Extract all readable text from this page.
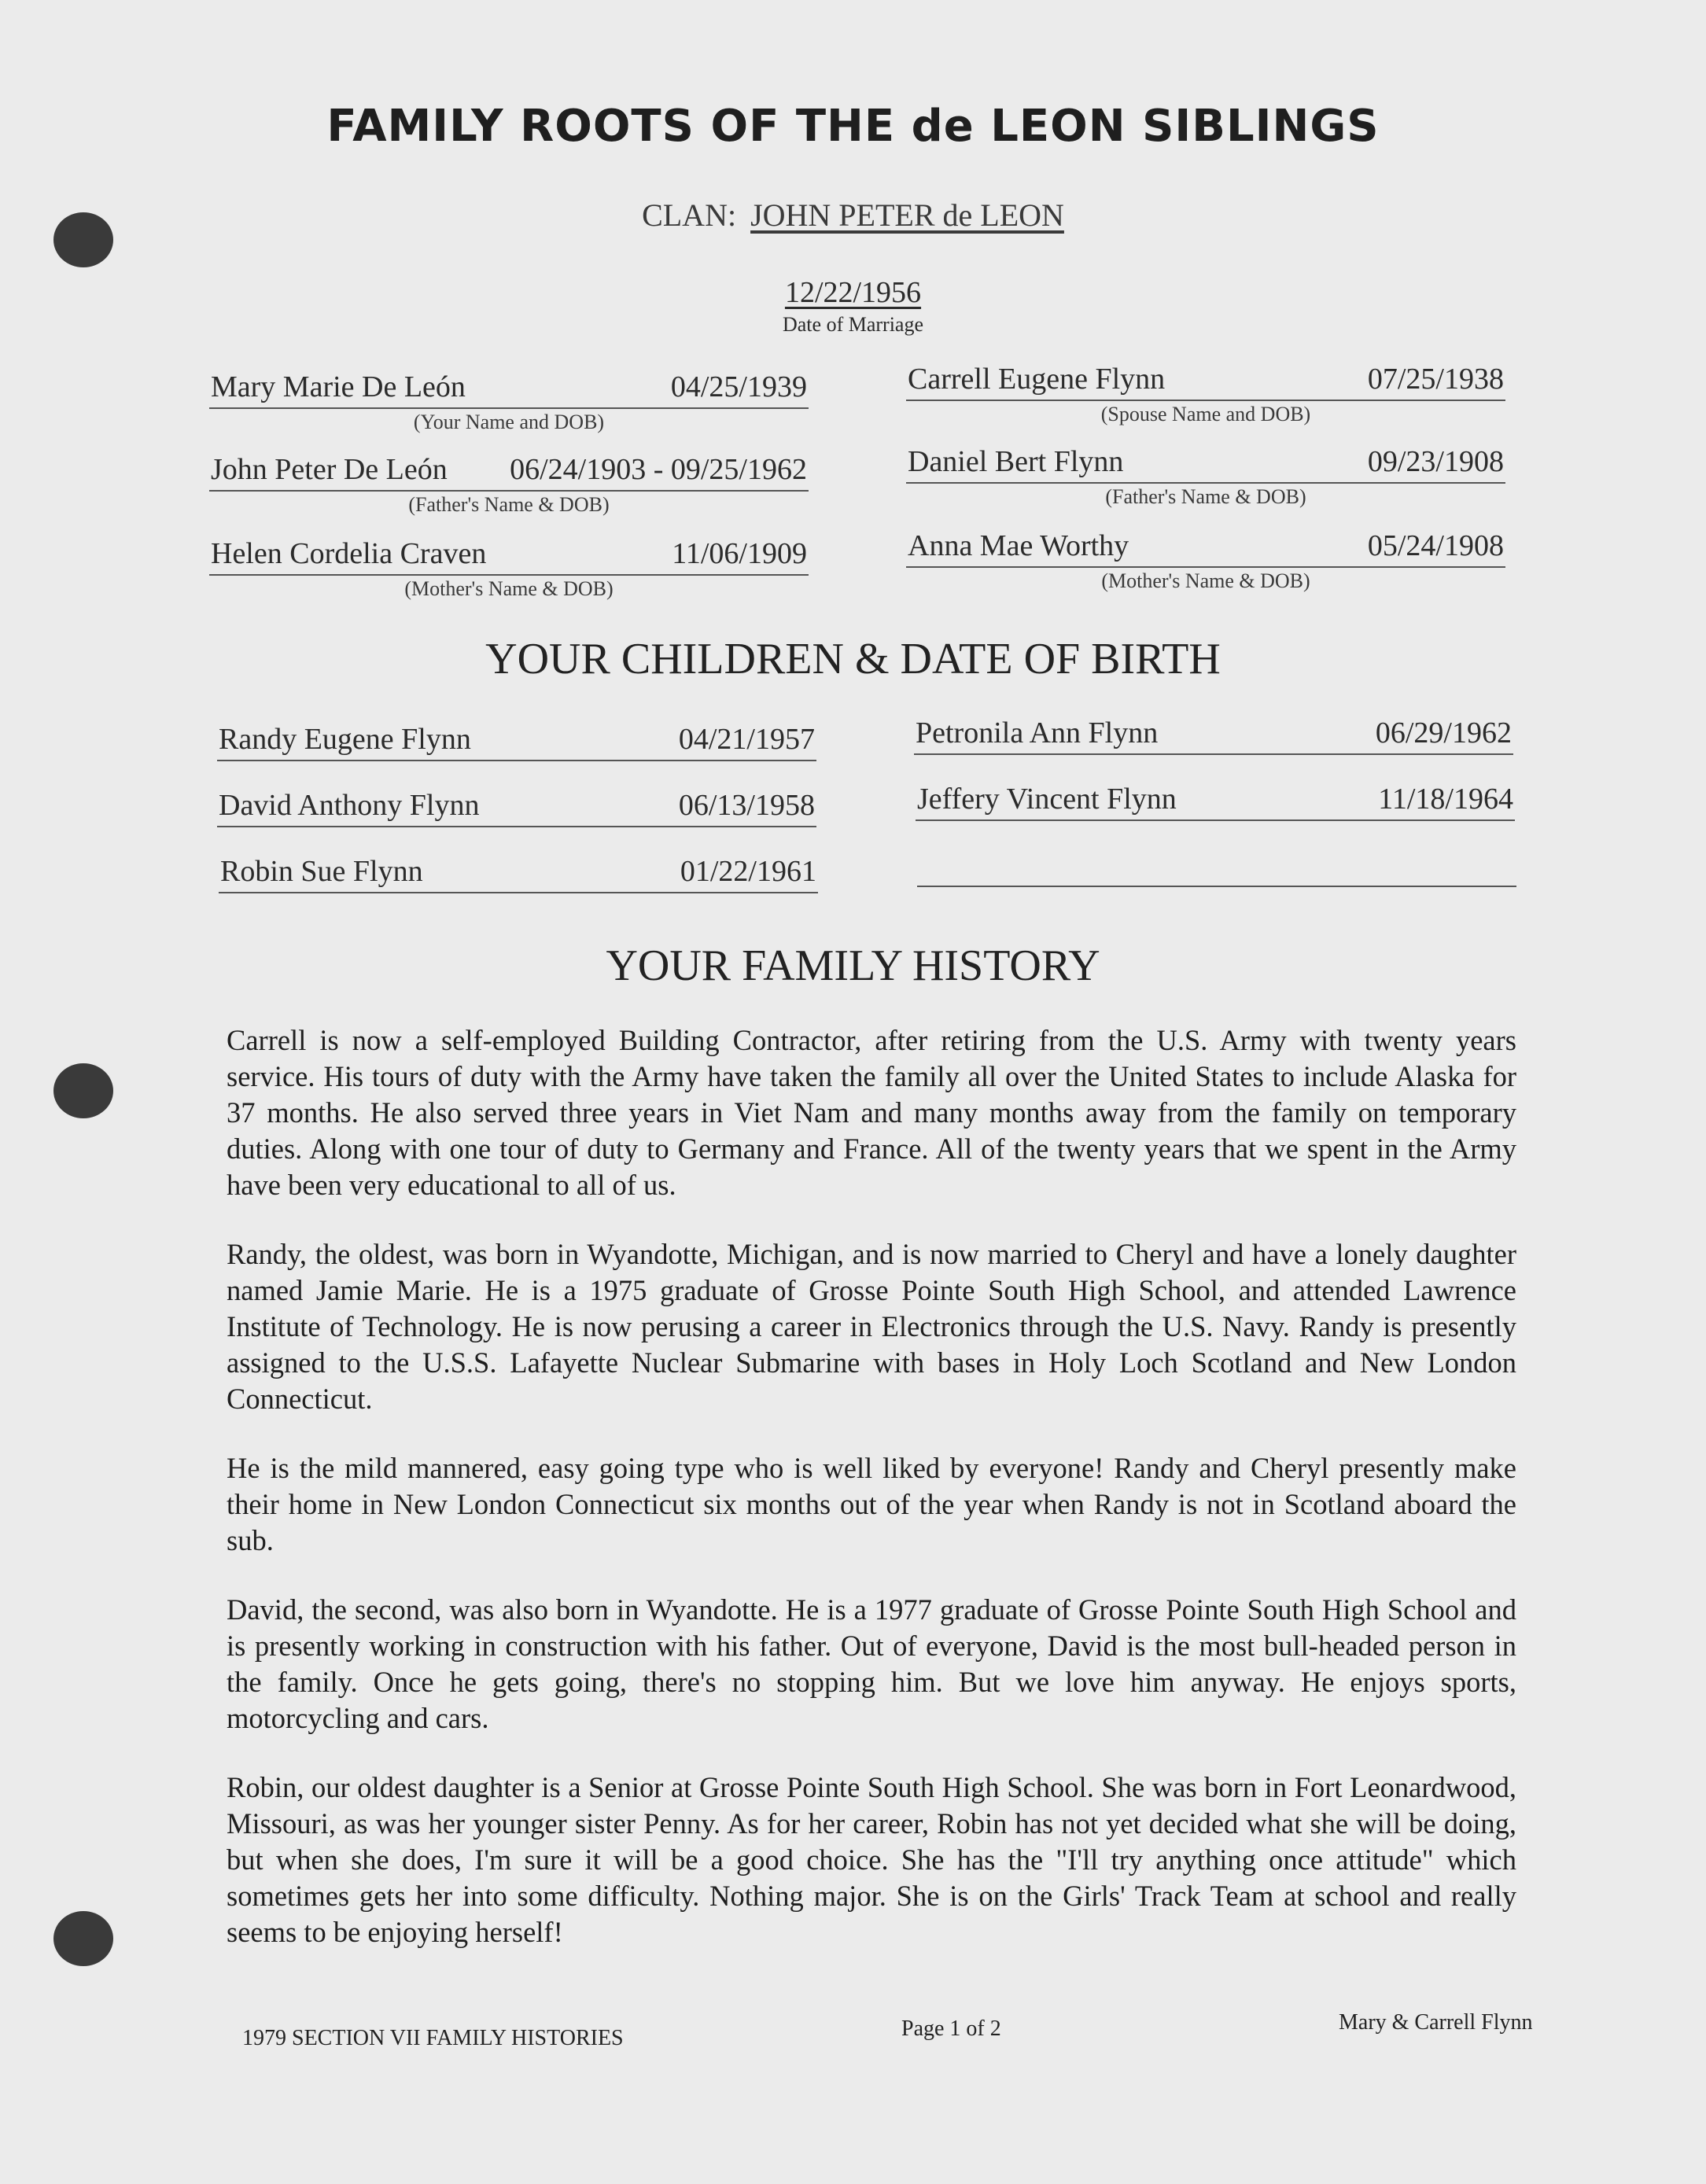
FAMILY ROOTS OF THE de LEON SIBLINGS
CLAN: JOHN PETER de LEON
12/22/1956
Date of Marriage
Mary Marie De León	04/25/1939
(Your Name and DOB)
John Peter De León 06/24/1903 - 09/25/1962
(Father's Name & DOB)
Helen Cordelia Craven	11/06/1909
(Mother's Name & DOB)
Carrell Eugene Flynn	07/25/1938
(Spouse Name and DOB)
Daniel Bert Flynn	09/23/1908
(Father's Name & DOB)
Anna Mae Worthy	05/24/1908
(Mother's Name & DOB)
YOUR CHILDREN & DATE OF BIRTH
Randy Eugene Flynn	04/21/1957
David Anthony Flynn	06/13/1958
Robin Sue Flynn	01/22/1961
Petronila Ann Flynn	06/29/1962
Jeffery Vincent Flynn	11/18/1964
YOUR FAMILY HISTORY

Carrell is now a self-employed Building Contractor, after retiring from the U.S. Army with twenty years service. His tours of duty with the Army have taken the family all over the United States to include Alaska for 37 months. He also served three years in Viet Nam and many months away from the family on temporary duties. Along with one tour of duty to Germany and France. All of the twenty years that we spent in the Army have been very educational to all of us.

Randy, the oldest, was born in Wyandotte, Michigan, and is now married to Cheryl and have a lonely daughter named Jamie Marie. He is a 1975 graduate of Grosse Pointe South High School, and attended Lawrence Institute of Technology. He is now perusing a career in Electronics through the U.S. Navy. Randy is presently assigned to the U.S.S. Lafayette Nuclear Submarine with bases in Holy Loch Scotland and New London Connecticut.

He is the mild mannered, easy going type who is well liked by everyone! Randy and Cheryl presently make their home in New London Connecticut six months out of the year when Randy is not in Scotland aboard the sub.

David, the second, was also born in Wyandotte. He is a 1977 graduate of Grosse Pointe South High School and is presently working in construction with his father. Out of everyone, David is the most bull-headed person in the family. Once he gets going, there's no stopping him. But we love him anyway. He enjoys sports, motorcycling and cars.

Robin, our oldest daughter is a Senior at Grosse Pointe South High School. She was born in Fort Leonardwood, Missouri, as was her younger sister Penny. As for her career, Robin has not yet decided what she will be doing, but when she does, I'm sure it will be a good choice. She has the "I'll try anything once attitude" which sometimes gets her into some difficulty. Nothing major. She is on the Girls' Track Team at school and really seems to be enjoying herself!

1979 SECTION VII FAMILY HISTORIES	Page 1 of 2	Mary & Carrell Flynn
